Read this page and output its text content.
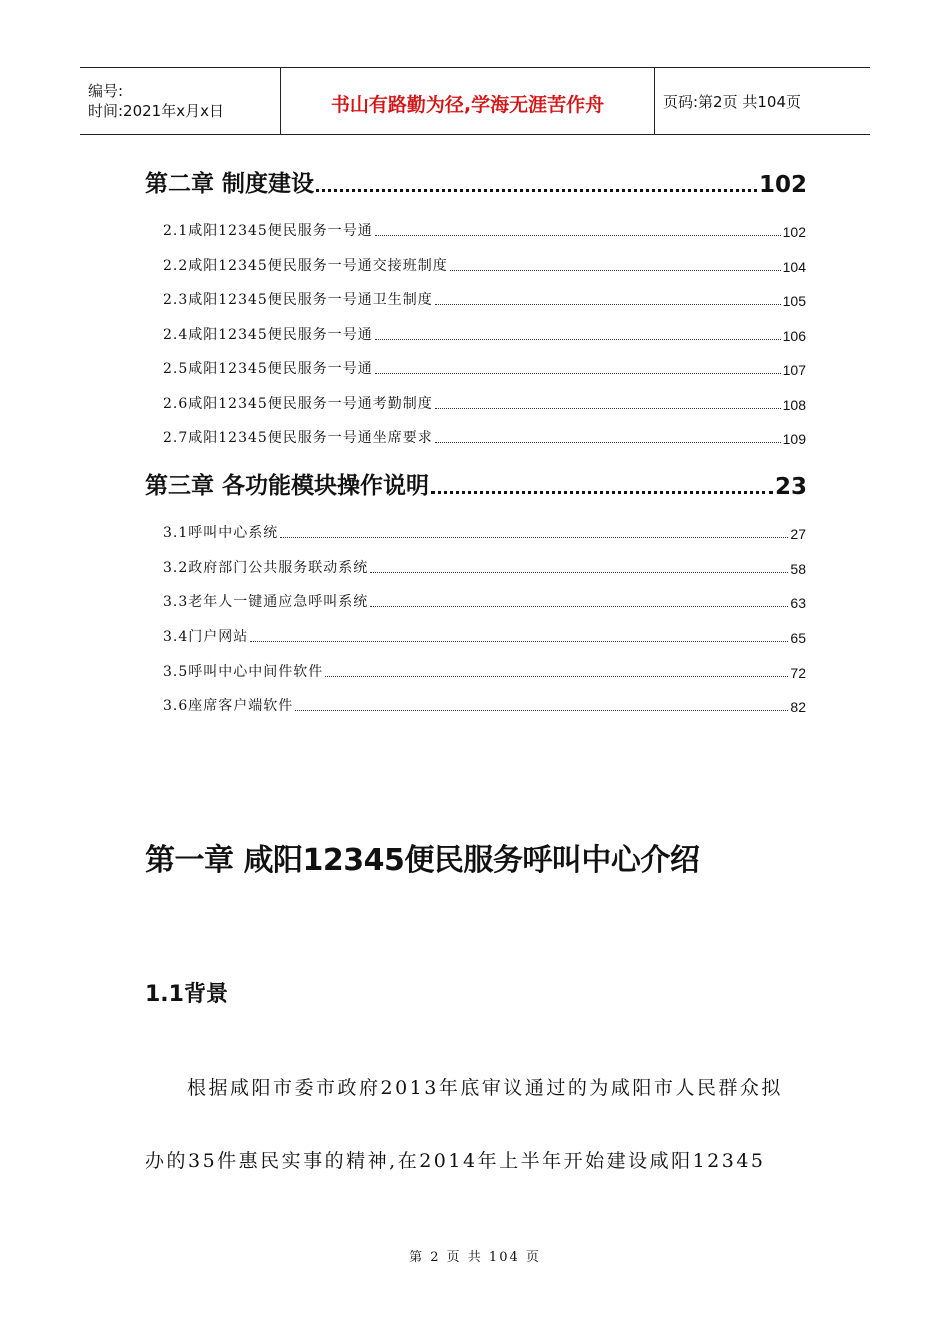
编号:
时间:2021年x月x日	书山有路勤为径,学海无涯苦作舟	页码:第2页 共104页
第二章 制度建设	102
2.1咸阳12345便民服务一号通	102
2.2咸阳12345便民服务一号通交接班制度	104
2.3咸阳12345便民服务一号通卫生制度	105
2.4咸阳12345便民服务一号通	106
2.5咸阳12345便民服务一号通	107
2.6咸阳12345便民服务一号通考勤制度	108
2.7咸阳12345便民服务一号通坐席要求	109
第三章 各功能模块操作说明	23
3.1呼叫中心系统	27
3.2政府部门公共服务联动系统	58
3.3老年人一键通应急呼叫系统	63
3.4门户网站	65
3.5呼叫中心中间件软件	72
3.6座席客户端软件	82
第一章 咸阳12345便民服务呼叫中心介绍
1.1背景
根据咸阳市委市政府2013年底审议通过的为咸阳市人民群众拟
办的35件惠民实事的精神,在2014年上半年开始建设咸阳12345
第 2 页 共 104 页
